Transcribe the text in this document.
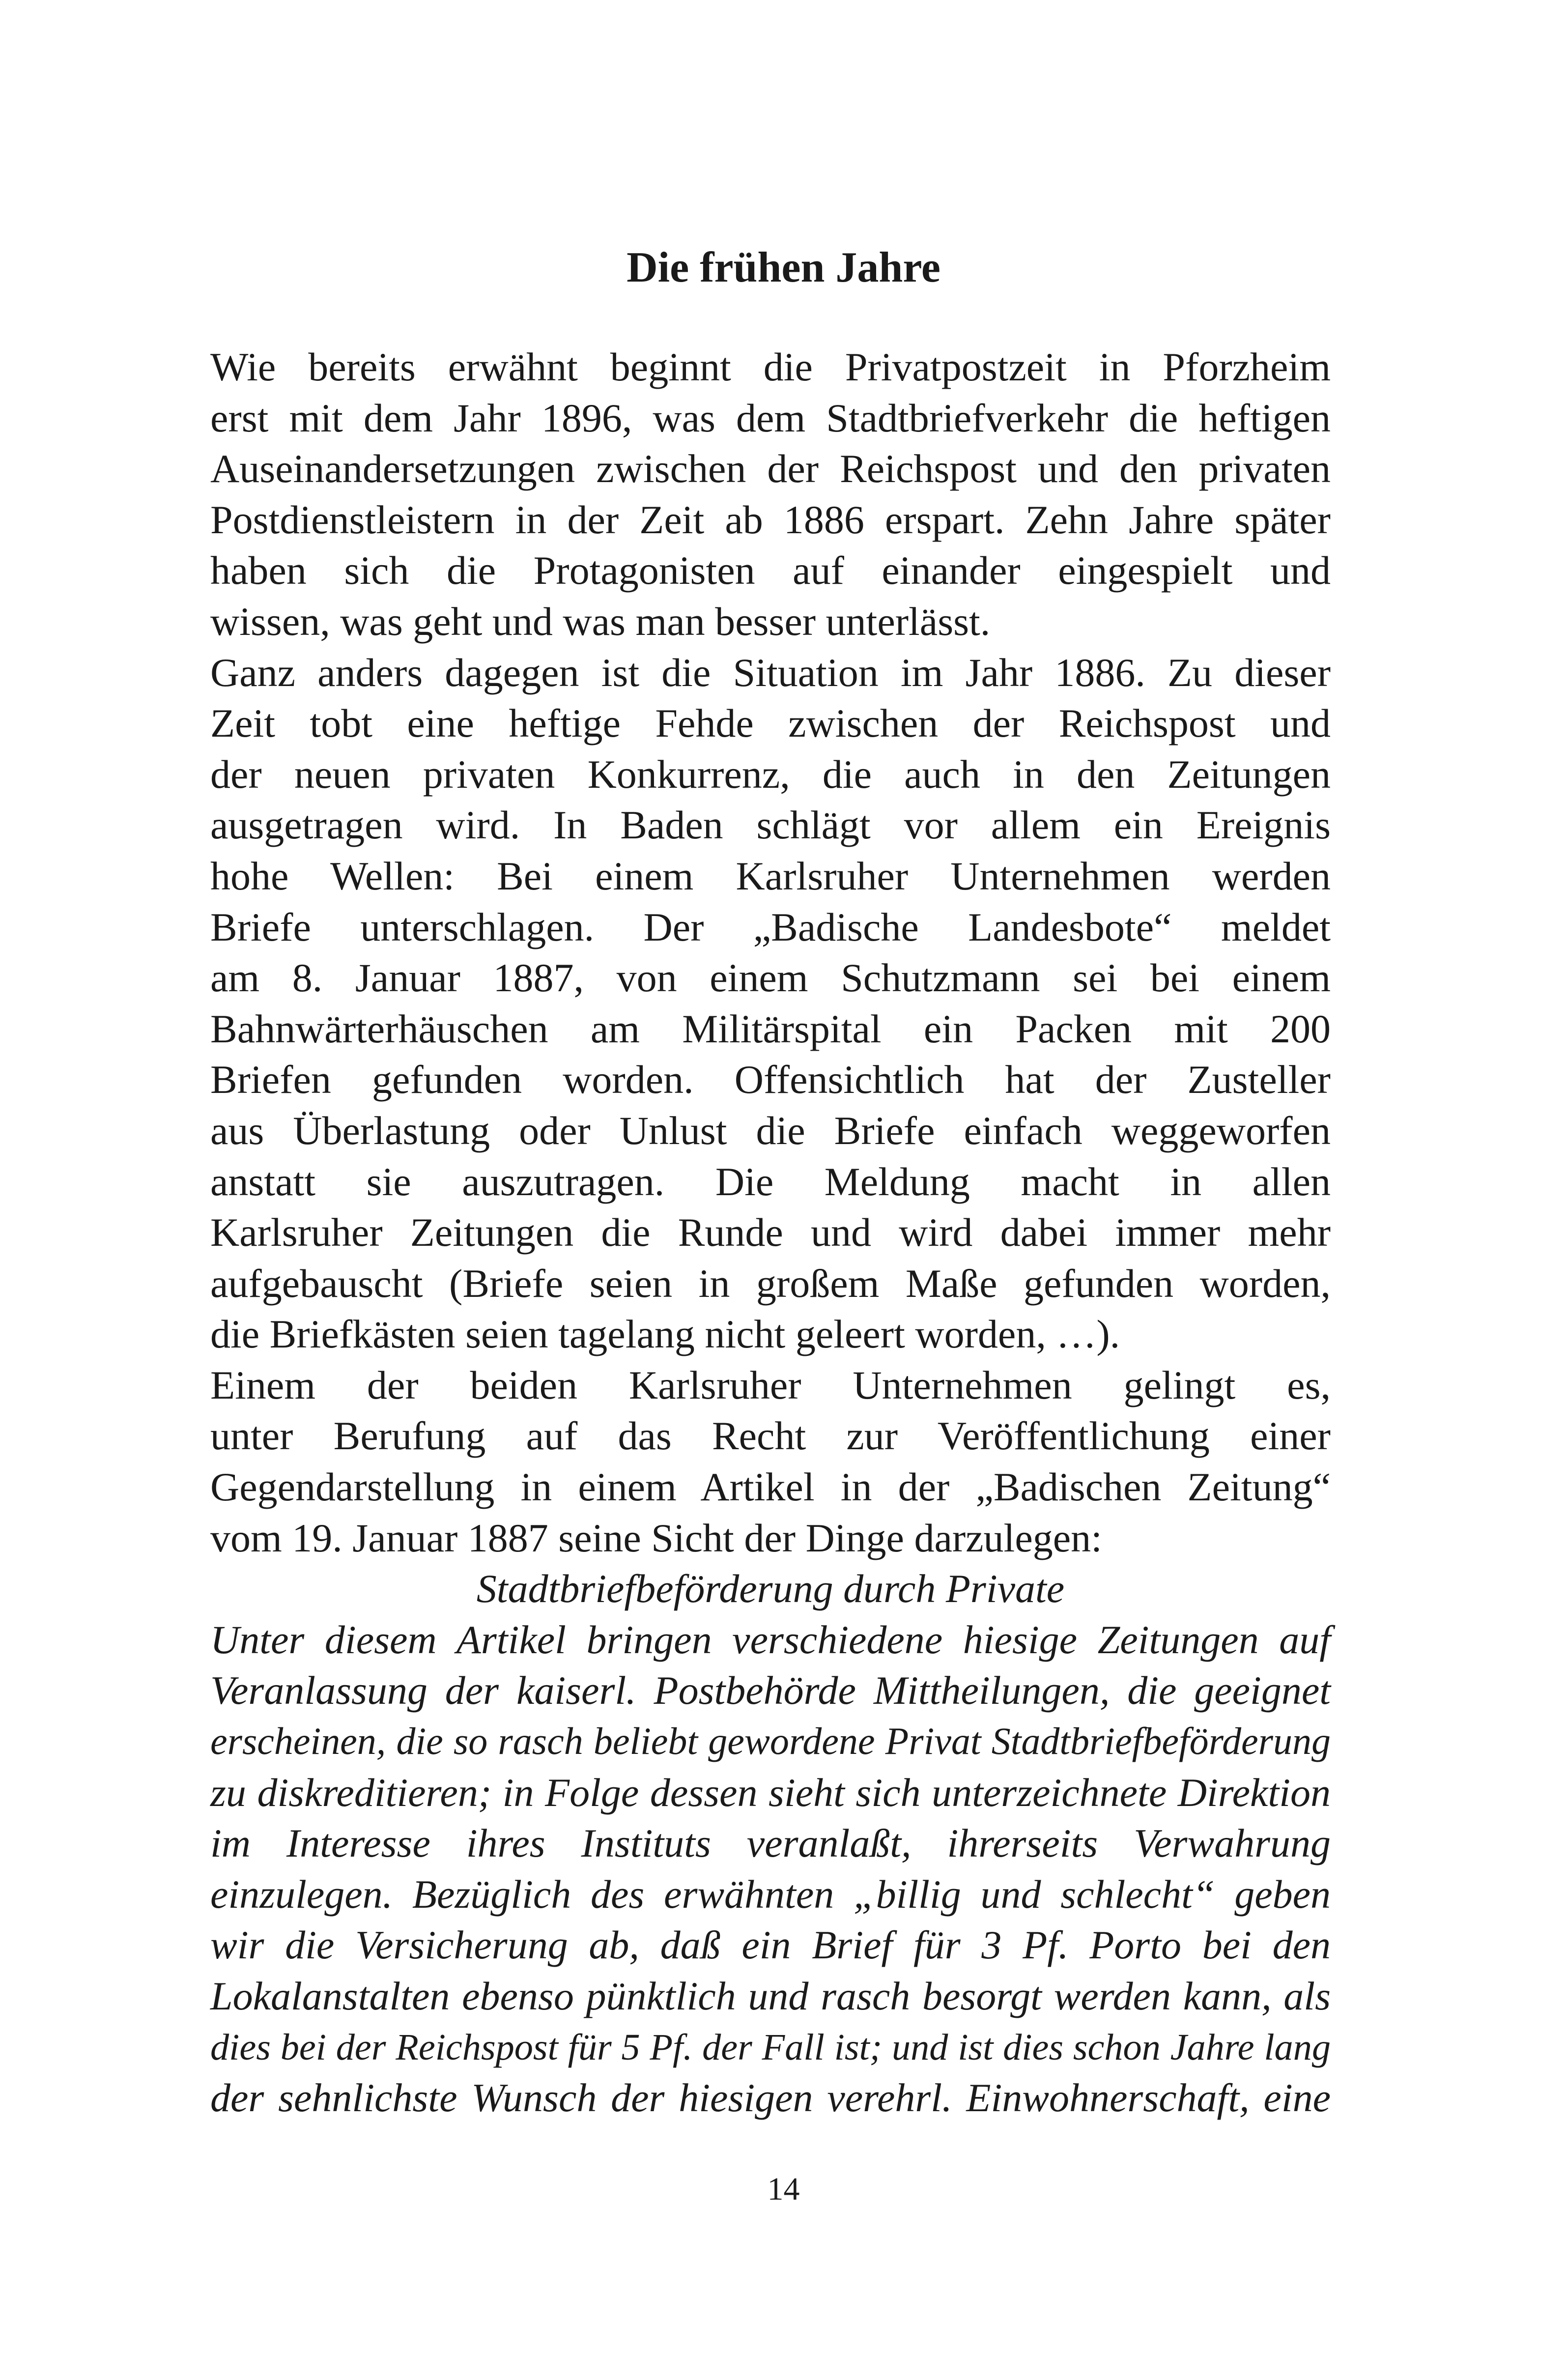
Die frühen Jahre
Wie bereits erwähnt beginnt die Privatpostzeit in Pforzheim
erst mit dem Jahr 1896, was dem Stadtbriefverkehr die heftigen
Auseinandersetzungen zwischen der Reichspost und den privaten
Postdienstleistern in der Zeit ab 1886 erspart. Zehn Jahre später
haben sich die Protagonisten auf einander eingespielt und
wissen, was geht und was man besser unterlässt.
Ganz anders dagegen ist die Situation im Jahr 1886. Zu dieser
Zeit tobt eine heftige Fehde zwischen der Reichspost und
der neuen privaten Konkurrenz, die auch in den Zeitungen
ausgetragen wird. In Baden schlägt vor allem ein Ereignis
hohe Wellen: Bei einem Karlsruher Unternehmen werden
Briefe unterschlagen. Der „Badische Landesbote“ meldet
am 8. Januar 1887, von einem Schutzmann sei bei einem
Bahnwärterhäuschen am Militärspital ein Packen mit 200
Briefen gefunden worden. Offensichtlich hat der Zusteller
aus Überlastung oder Unlust die Briefe einfach weggeworfen
anstatt sie auszutragen. Die Meldung macht in allen
Karlsruher Zeitungen die Runde und wird dabei immer mehr
aufgebauscht (Briefe seien in großem Maße gefunden worden,
die Briefkästen seien tagelang nicht geleert worden, …).
Einem der beiden Karlsruher Unternehmen gelingt es,
unter Berufung auf das Recht zur Veröffentlichung einer
Gegendarstellung in einem Artikel in der „Badischen Zeitung“
vom 19. Januar 1887 seine Sicht der Dinge darzulegen:
Stadtbriefbeförderung durch Private
Unter diesem Artikel bringen verschiedene hiesige Zeitungen auf
Veranlassung der kaiserl. Postbehörde Mittheilungen, die geeignet
erscheinen, die so rasch beliebt gewordene Privat Stadtbriefbeförderung
zu diskreditieren; in Folge dessen sieht sich unterzeichnete Direktion
im Interesse ihres Instituts veranlaßt, ihrerseits Verwahrung
einzulegen. Bezüglich des erwähnten „billig und schlecht“ geben
wir die Versicherung ab, daß ein Brief für 3 Pf. Porto bei den
Lokalanstalten ebenso pünktlich und rasch besorgt werden kann, als
dies bei der Reichspost für 5 Pf. der Fall ist; und ist dies schon Jahre lang
der sehnlichste Wunsch der hiesigen verehrl. Einwohnerschaft, eine
14
